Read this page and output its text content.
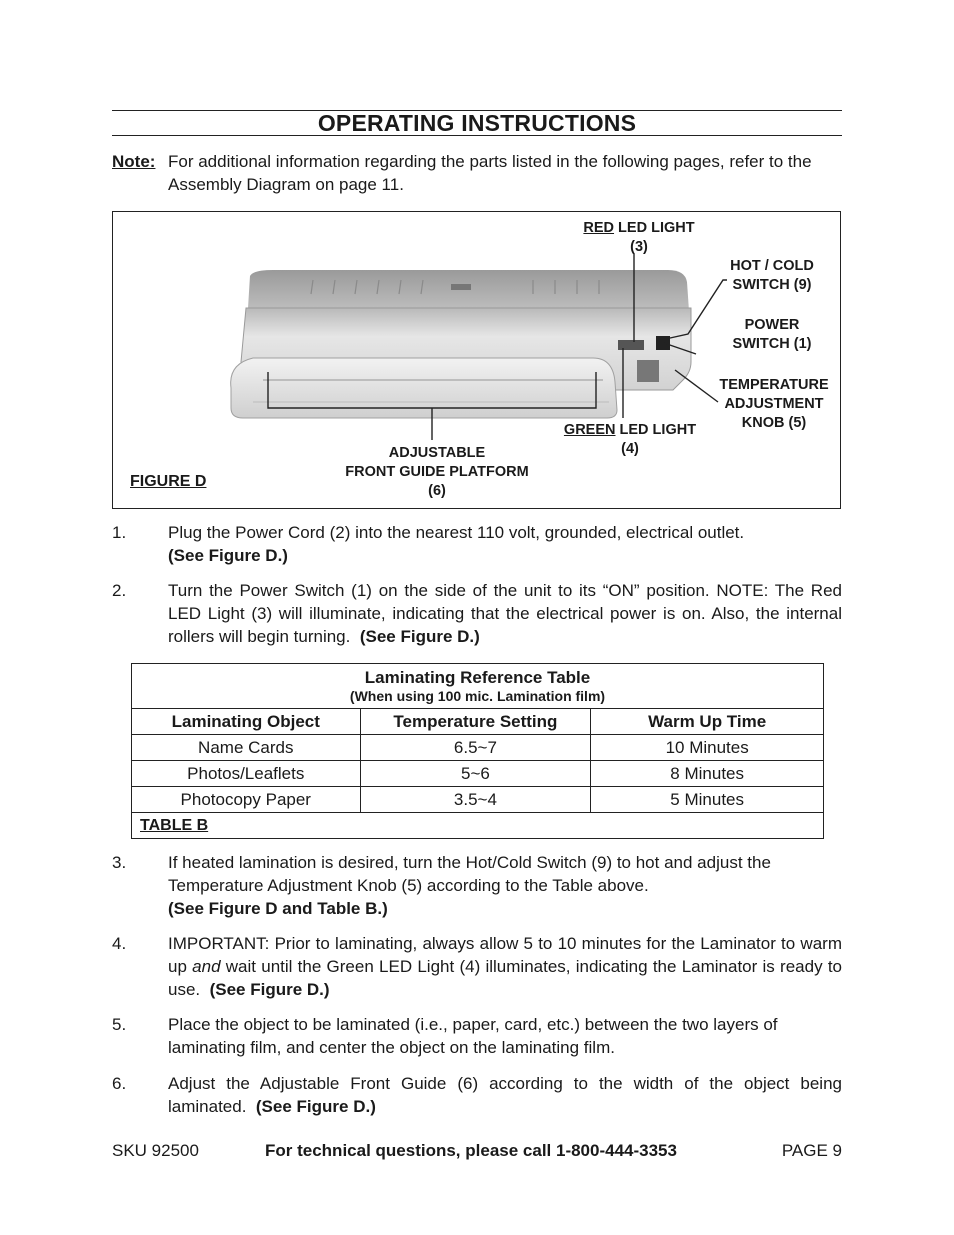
OPERATING INSTRUCTIONS
Note: For additional information regarding the parts listed in the following pages, refer to the Assembly Diagram on page 11.
RED LED LIGHT
(3)
HOT / COLD
SWITCH (9)
POWER
SWITCH (1)
TEMPERATURE
ADJUSTMENT
KNOB (5)
GREEN LED LIGHT
(4)
ADJUSTABLE
FRONT GUIDE PLATFORM
(6)
FIGURE D
1. Plug the Power Cord (2) into the nearest 110 volt, grounded, electrical outlet.
(See Figure D.)
2. Turn the Power Switch (1) on the side of the unit to its “ON” position. NOTE: The Red LED Light (3) will illuminate, indicating that the electrical power is on. Also, the internal rollers will begin turning. (See Figure D.)
Laminating Reference Table
(When using 100 mic. Lamination film)
Laminating Object	Temperature Setting	Warm Up Time
Name Cards	6.5~7	10 Minutes
Photos/Leaflets	5~6	8 Minutes
Photocopy Paper	3.5~4	5 Minutes
TABLE B
3. If heated lamination is desired, turn the Hot/Cold Switch (9) to hot and adjust the Temperature Adjustment Knob (5) according to the Table above.
(See Figure D and Table B.)
4. IMPORTANT: Prior to laminating, always allow 5 to 10 minutes for the Laminator to warm up and wait until the Green LED Light (4) illuminates, indicating the Laminator is ready to use. (See Figure D.)
5. Place the object to be laminated (i.e., paper, card, etc.) between the two layers of laminating film, and center the object on the laminating film.
6. Adjust the Adjustable Front Guide (6) according to the width of the object being laminated. (See Figure D.)
SKU 92500	For technical questions, please call 1-800-444-3353	PAGE 9
